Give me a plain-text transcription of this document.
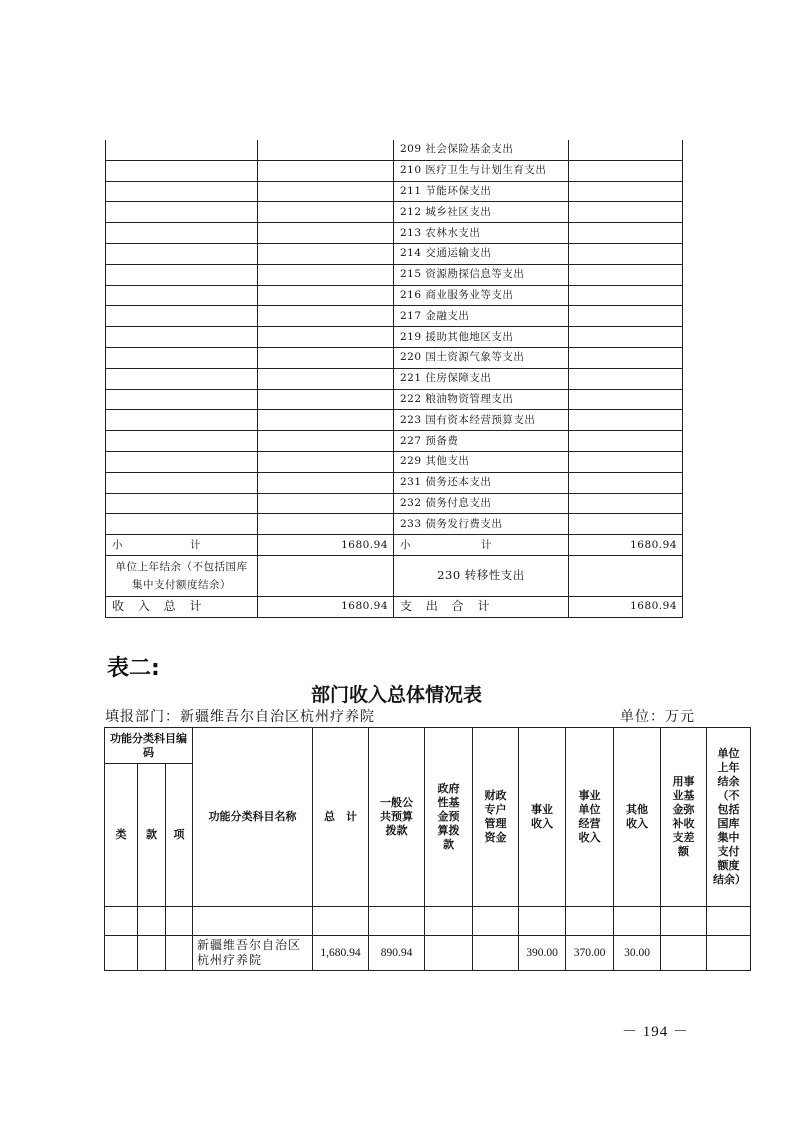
		209 社会保险基金支出	
		210 医疗卫生与计划生育支出	
		211 节能环保支出	
		212 城乡社区支出	
		213 农林水支出	
		214 交通运输支出	
		215 资源勘探信息等支出	
		216 商业服务业等支出	
		217 金融支出	
		219 援助其他地区支出	
		220 国土资源气象等支出	
		221 住房保障支出	
		222 粮油物资管理支出	
		223 国有资本经营预算支出	
		227 预备费	
		229 其他支出	
		231 债务还本支出	
		232 债务付息支出	
		233 债务发行费支出	

小 计	1680.94	小 计	1680.94
单位上年结余（不包括国库集中支付额度结余）		230 转移性支出	

收 入 总 计	1680.94	支 出 合 计	1680.94
表二:
部门收入总体情况表
填报部门：新疆维吾尔自治区杭州疗养院	单位：万元
功能分类科目编码			功能分类科目名称	总　计	一般公共预算拨款	政府性基金预算拨款	财政专户管理资金	事业收入	事业单位经营收入	其他收入	用事业基金弥补收支差额	单位上年结余（不包括国库集中支付额度结余）
类	款	项										

			新疆维吾尔自治区杭州疗养院	1,680.94	890.94			390.00	370.00	30.00		
－ 194 －
